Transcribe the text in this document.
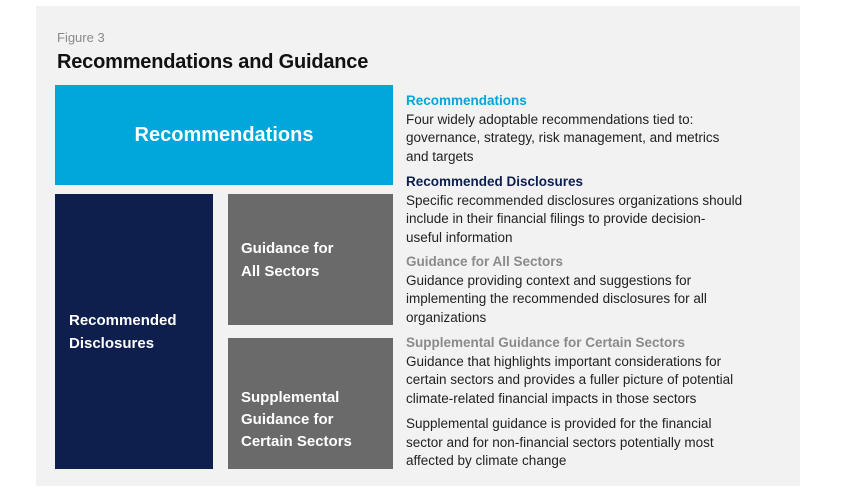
Figure 3
Recommendations and Guidance
Recommendations
Recommended
Disclosures
Guidance for
All Sectors
Supplemental
Guidance for
Certain Sectors
Recommendations
Four widely adoptable recommendations tied to:
governance, strategy, risk management, and metrics
and targets
Recommended Disclosures
Specific recommended disclosures organizations should
include in their financial filings to provide decision-
useful information
Guidance for All Sectors
Guidance providing context and suggestions for
implementing the recommended disclosures for all
organizations
Supplemental Guidance for Certain Sectors
Guidance that highlights important considerations for
certain sectors and provides a fuller picture of potential
climate-related financial impacts in those sectors
Supplemental guidance is provided for the financial
sector and for non-financial sectors potentially most
affected by climate change
